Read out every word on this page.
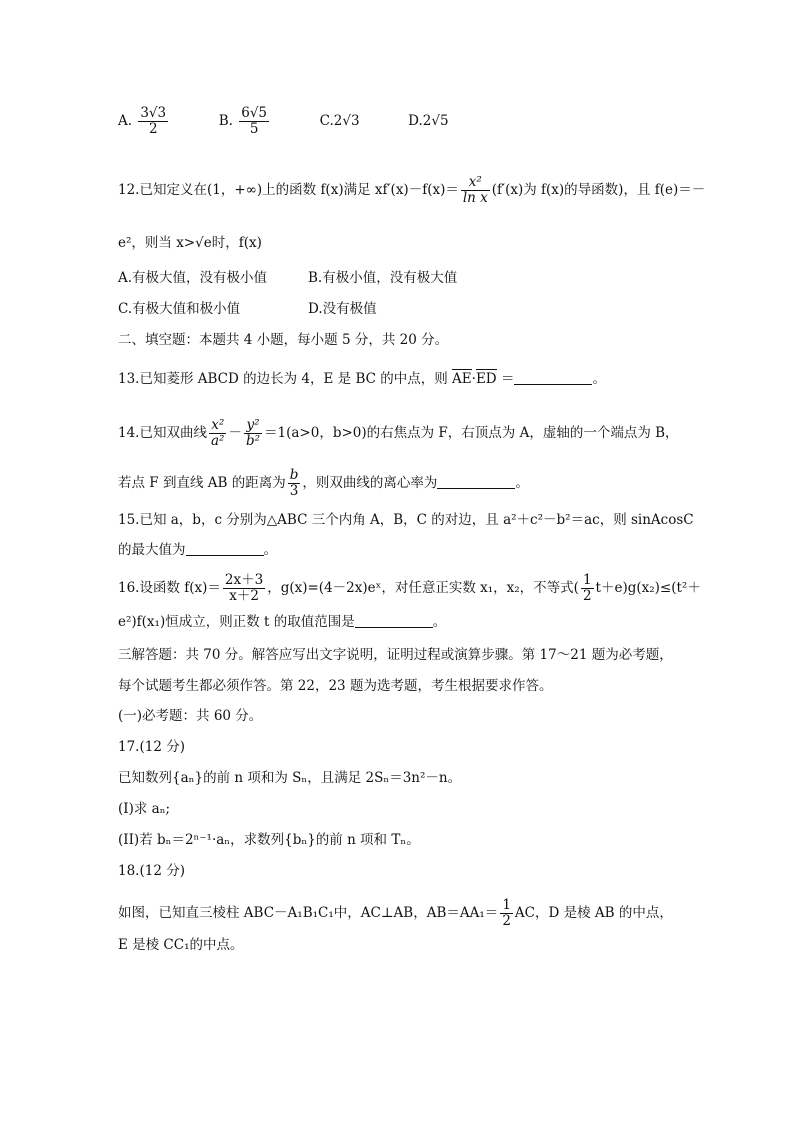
A. $\frac{3√3}{2}$	B. $\frac{6√5}{5}$	C.2√3	D.2√5
12.已知定义在(1，+∞)上的函数 f(x)满足 $xf'(x)-f(x)= \frac{\text{x²}}{\text{ln x}} (f'(x)$为 f(x)的导函数)，且 f(e)＝－
e²，则当 x>√e时，f(x)
A.有极大值，没有极小值	B.有极小值，没有极大值
C.有极大值和极小值	D.没有极值
二、填空题：本题共 4 小题，每小题 5 分，共 20 分。
13.已知菱形 ABCD 的边长为 4，E 是 BC 的中点，则 AE·ED ＝	。
14.已知双曲线 $\frac{\text{x²}}{\text{a²}} - \frac{\text{y²}}{\text{b²}} =1(a>0$，b>0)的右焦点为 F，右顶点为 A，虚轴的一个端点为 B，
若点 F 到直线 AB 的距离为 $\frac{b}{3}$ ，则双曲线的离心率为	。
15.已知 a，b，c 分别为△ABC 三个内角 A，B，C 的对边，且 a²＋c²－b²＝ac，则 sinAcosC
的最大值为	。
16.设函数 $f(x)= \frac{2x+3}{x+2}$ ，g(x)=(4－2x)eˣ，对任意正实数 x₁，x₂，不等式( $\frac{1}{2} t+e)g(x_2)\le(t^2+$
e²)f(x₁)恒成立，则正数 t 的取值范围是	。
三解答题：共 70 分。解答应写出文字说明，证明过程或演算步骤。第 17～21 题为必考题，
每个试题考生都必须作答。第 22，23 题为选考题，考生根据要求作答。
(一)必考题：共 60 分。
17.(12 分)
已知数列{aₙ}的前 n 项和为 Sₙ，且满足 2Sₙ＝3n²－n。
(I)求 aₙ;
(II)若 bₙ＝2ⁿ⁻¹·aₙ，求数列{bₙ}的前 n 项和 Tₙ。
18.(12 分)
如图，已知直三棱柱 ABC－A₁B₁C₁中，AC⊥AB，$AB=AA_1= \frac{1}{2}$ AC，D 是棱 AB 的中点，
E 是棱 CC₁的中点。
